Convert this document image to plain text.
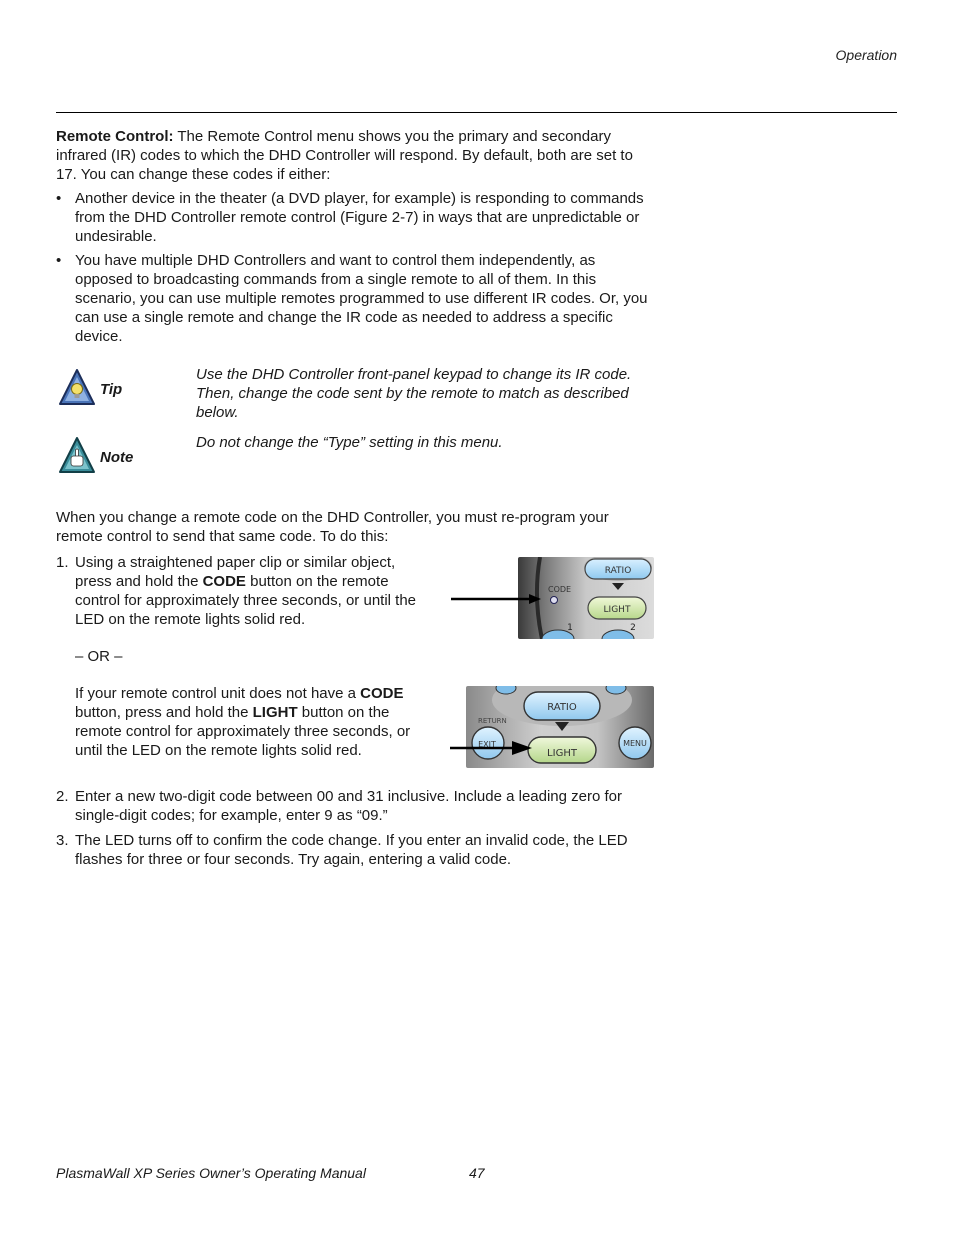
Operation
Remote Control: The Remote Control menu shows you the primary and secondary infrared (IR) codes to which the DHD Controller will respond. By default, both are set to 17. You can change these codes if either:
• Another device in the theater (a DVD player, for example) is responding to commands from the DHD Controller remote control (Figure 2-7) in ways that are unpredictable or undesirable.
• You have multiple DHD Controllers and want to control them independently, as opposed to broadcasting commands from a single remote to all of them. In this scenario, you can use multiple remotes programmed to use different IR codes. Or, you can use a single remote and change the IR code as needed to address a specific device.
Tip
Use the DHD Controller front-panel keypad to change its IR code. Then, change the code sent by the remote to match as described below.
Note
Do not change the “Type” setting in this menu.
When you change a remote code on the DHD Controller, you must re-program your remote control to send that same code. To do this:
1. Using a straightened paper clip or similar object, press and hold the CODE button on the remote control for approximately three seconds, or until the LED on the remote lights solid red.
– OR –
If your remote control unit does not have a CODE button, press and hold the LIGHT button on the remote control for approximately three seconds, or until the LED on the remote lights solid red.
RATIO
LIGHT
CODE
1	2
RATIO
LIGHT
RETURN
EXIT	MENU
2. Enter a new two-digit code between 00 and 31 inclusive. Include a leading zero for single-digit codes; for example, enter 9 as “09.”
3. The LED turns off to confirm the code change. If you enter an invalid code, the LED flashes for three or four seconds. Try again, entering a valid code.
PlasmaWall XP Series Owner’s Operating Manual	47
